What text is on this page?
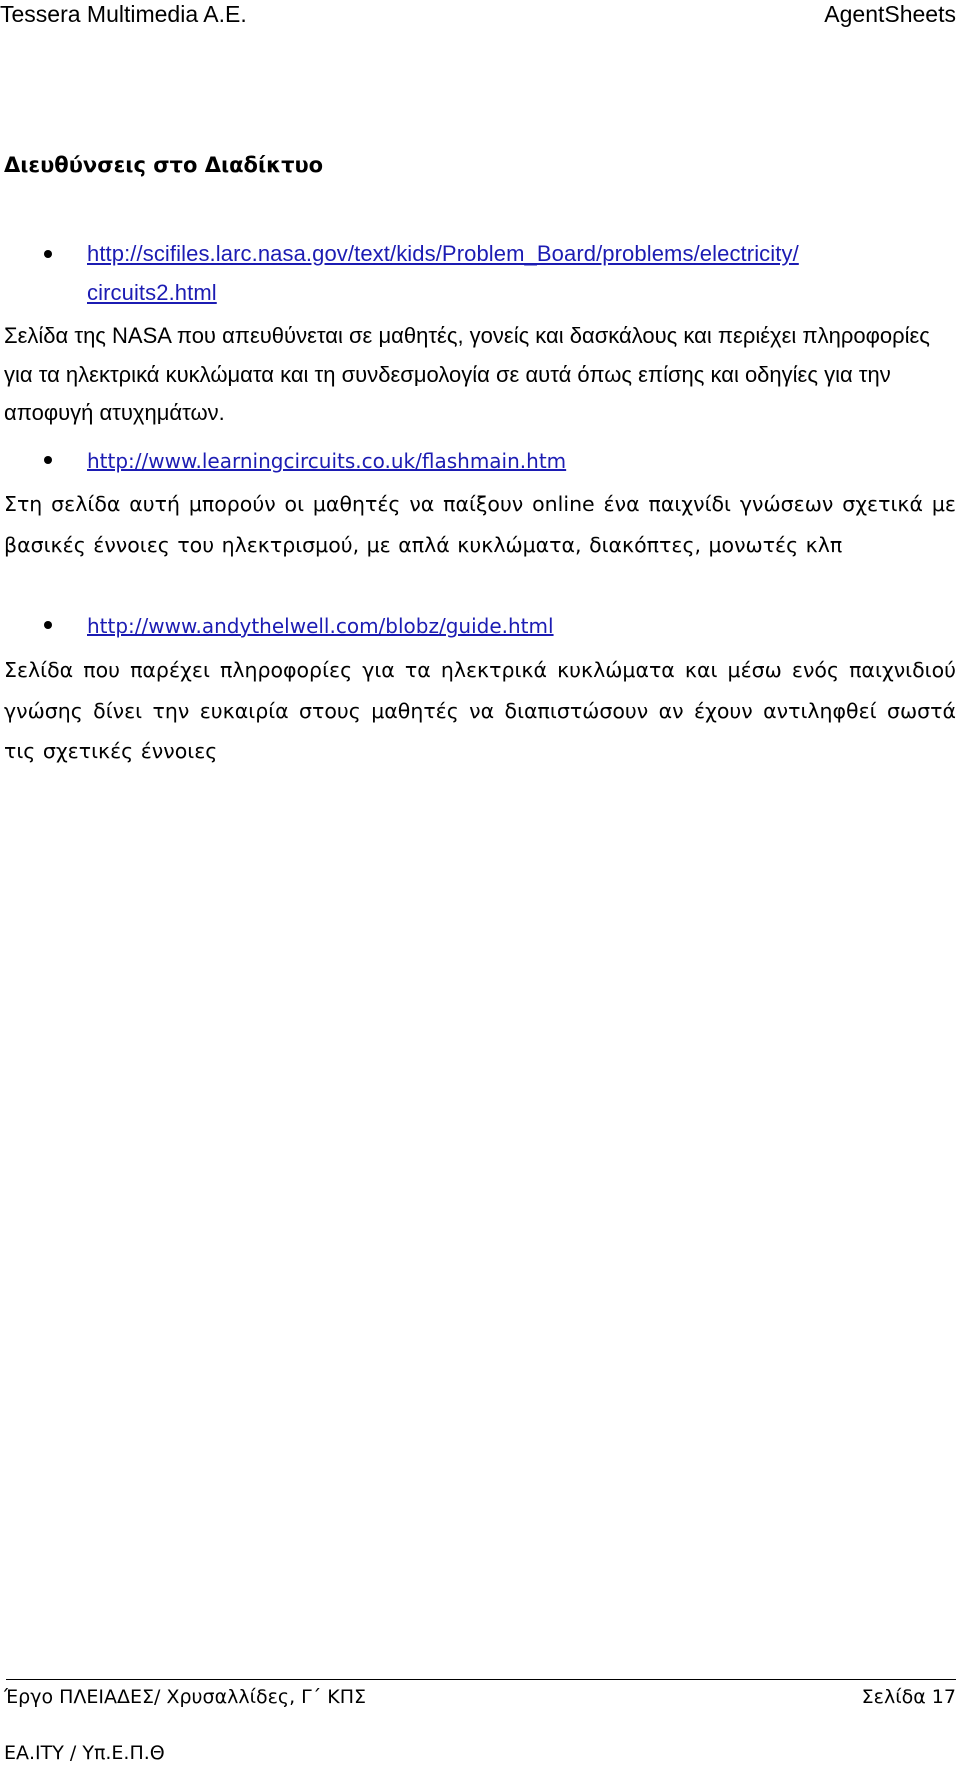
Tessera Multimedia A.E.	AgentSheets
Διευθύνσεις στο Διαδίκτυο
http://scifiles.larc.nasa.gov/text/kids/Problem_Board/problems/electricity/
circuits2.html

Σελίδα της NASA που απευθύνεται σε μαθητές, γονείς και δασκάλους και περιέχει πληροφορίες για τα ηλεκτρικά κυκλώματα και τη συνδεσμολογία σε αυτά όπως επίσης και οδηγίες για την αποφυγή ατυχημάτων.

http://www.learningcircuits.co.uk/flashmain.htm

Στη σελίδα αυτή μπορούν οι μαθητές να παίξουν online ένα παιχνίδι γνώσεων σχετικά με βασικές έννοιες του ηλεκτρισμού, με απλά κυκλώματα, διακόπτες, μονωτές κλπ

http://www.andythelwell.com/blobz/guide.html

Σελίδα που παρέχει πληροφορίες για τα ηλεκτρικά κυκλώματα και μέσω ενός παιχνιδιού γνώσης δίνει την ευκαιρία στους μαθητές να διαπιστώσουν αν έχουν αντιληφθεί σωστά τις σχετικές έννοιες

Έργο ΠΛΕΙΑΔΕΣ/ Χρυσαλλίδες, Γ΄ ΚΠΣ	Σελίδα 17
ΕΑ.ΙΤΥ / Υπ.Ε.Π.Θ
